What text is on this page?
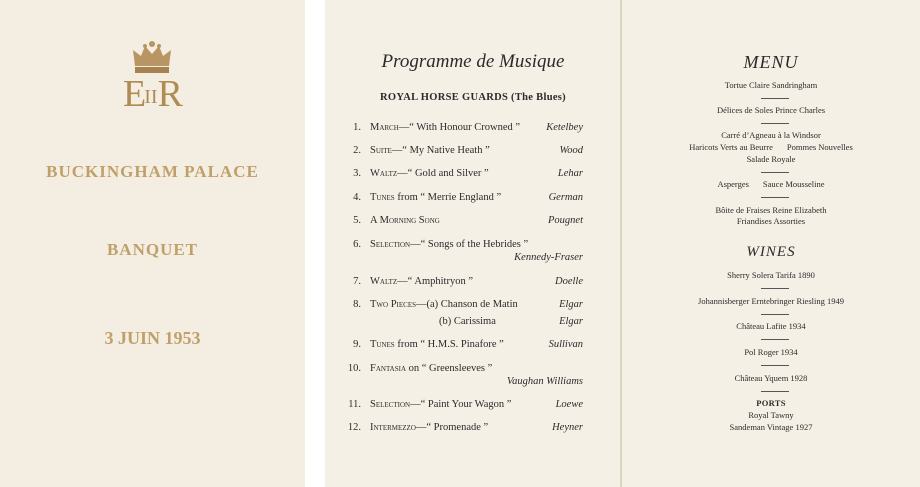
EIIR
BUCKINGHAM PALACE
BANQUET
3 JUIN 1953
Programme de Musique
ROYAL HORSE GUARDS (The Blues)
1. March—“ With Honour Crowned ” Ketelbey
2. Suite—“ My Native Heath ”	Wood
3. Waltz—“ Gold and Silver ”	Lehar
4. Tunes from “ Merrie England ”	German
5. A Morning Song	Pougnet
6. Selection—“ Songs of the Hebrides ”
Kennedy-Fraser
7. Waltz—“ Amphitryon ”	Doelle
8. Two Pieces—(a) Chanson de Matin	Elgar
(b) Carissima	Elgar
9. Tunes from “ H.M.S. Pinafore ”	Sullivan
10. Fantasia on “ Greensleeves ”
Vaughan Williams
11. Selection—“ Paint Your Wagon ”	Loewe
12. Intermezzo—“ Promenade ”	Heyner
MENU
Tortue Claire Sandringham
Délices de Soles Prince Charles
Carré d’Agneau à la Windsor
Haricots Verts au Beurre Pommes Nouvelles
Salade Royale
Asperges Sauce Mousseline
Bôite de Fraises Reine Elizabeth
Friandises Assorties
WINES
Sherry Solera Tarifa 1890
Johannisberger Erntebringer Riesling 1949
Château Lafite 1934
Pol Roger 1934
Château Yquem 1928
PORTS
Royal Tawny
Sandeman Vintage 1927
